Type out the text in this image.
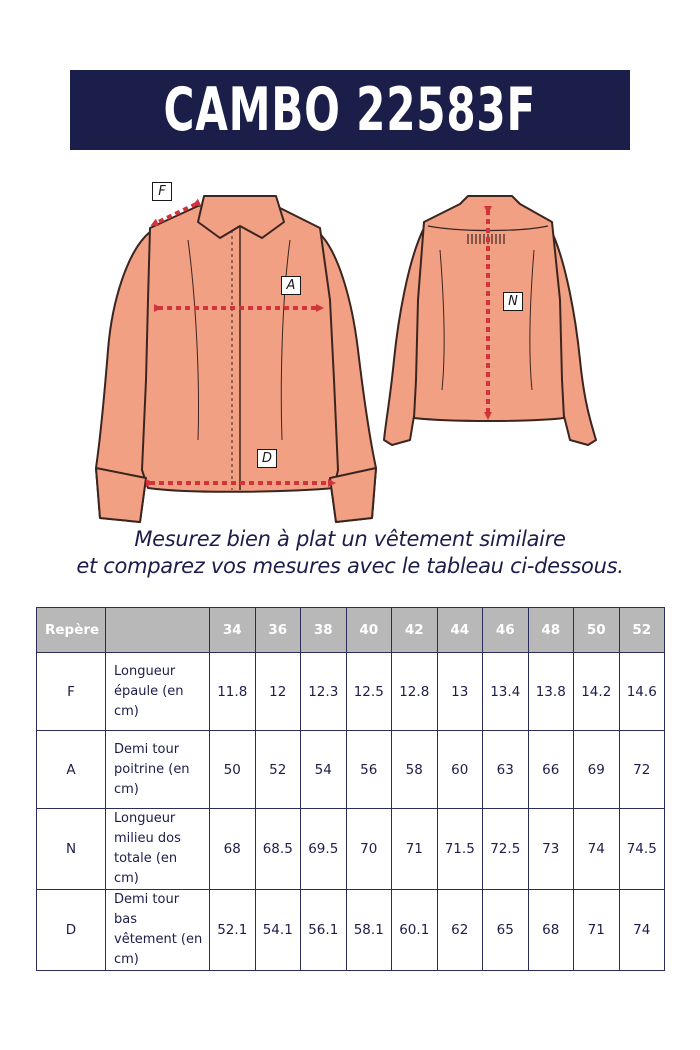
CAMBO 22583F
F
A
D
N
Mesurez bien à plat un vêtement similaire
et comparez vos mesures avec le tableau ci-dessous.
Repère		34	36	38	40	42	44	46	48	50	52
F	Longueur
épaule (en
cm)	11.8	12	12.3	12.5	12.8	13	13.4	13.8	14.2	14.6
A	Demi tour
poitrine (en
cm)	50	52	54	56	58	60	63	66	69	72
N	Longueur
milieu dos
totale (en cm)	68	68.5	69.5	70	71	71.5	72.5	73	74	74.5
D	Demi tour bas
vêtement (en
cm)	52.1	54.1	56.1	58.1	60.1	62	65	68	71	74
